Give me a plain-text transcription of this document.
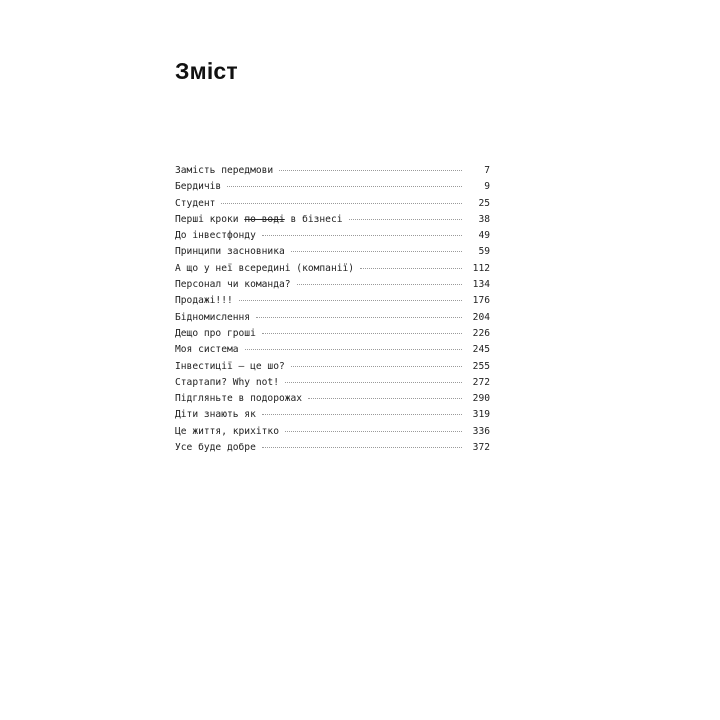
Зміст
Замість передмови	7
Бердичів	9
Студент	25
Перші кроки по воді в бізнесі	38
До інвестфонду	49
Принципи засновника	59
А що у неї всередині (компанії)	112
Персонал чи команда?	134
Продажі!!!	176
Бідномислення	204
Дещо про гроші	226
Моя система	245
Інвестиції — це шо?	255
Стартапи? Why not!	272
Підгляньте в подорожах	290
Діти знають як	319
Це життя, крихітко	336
Усе буде добре	372
